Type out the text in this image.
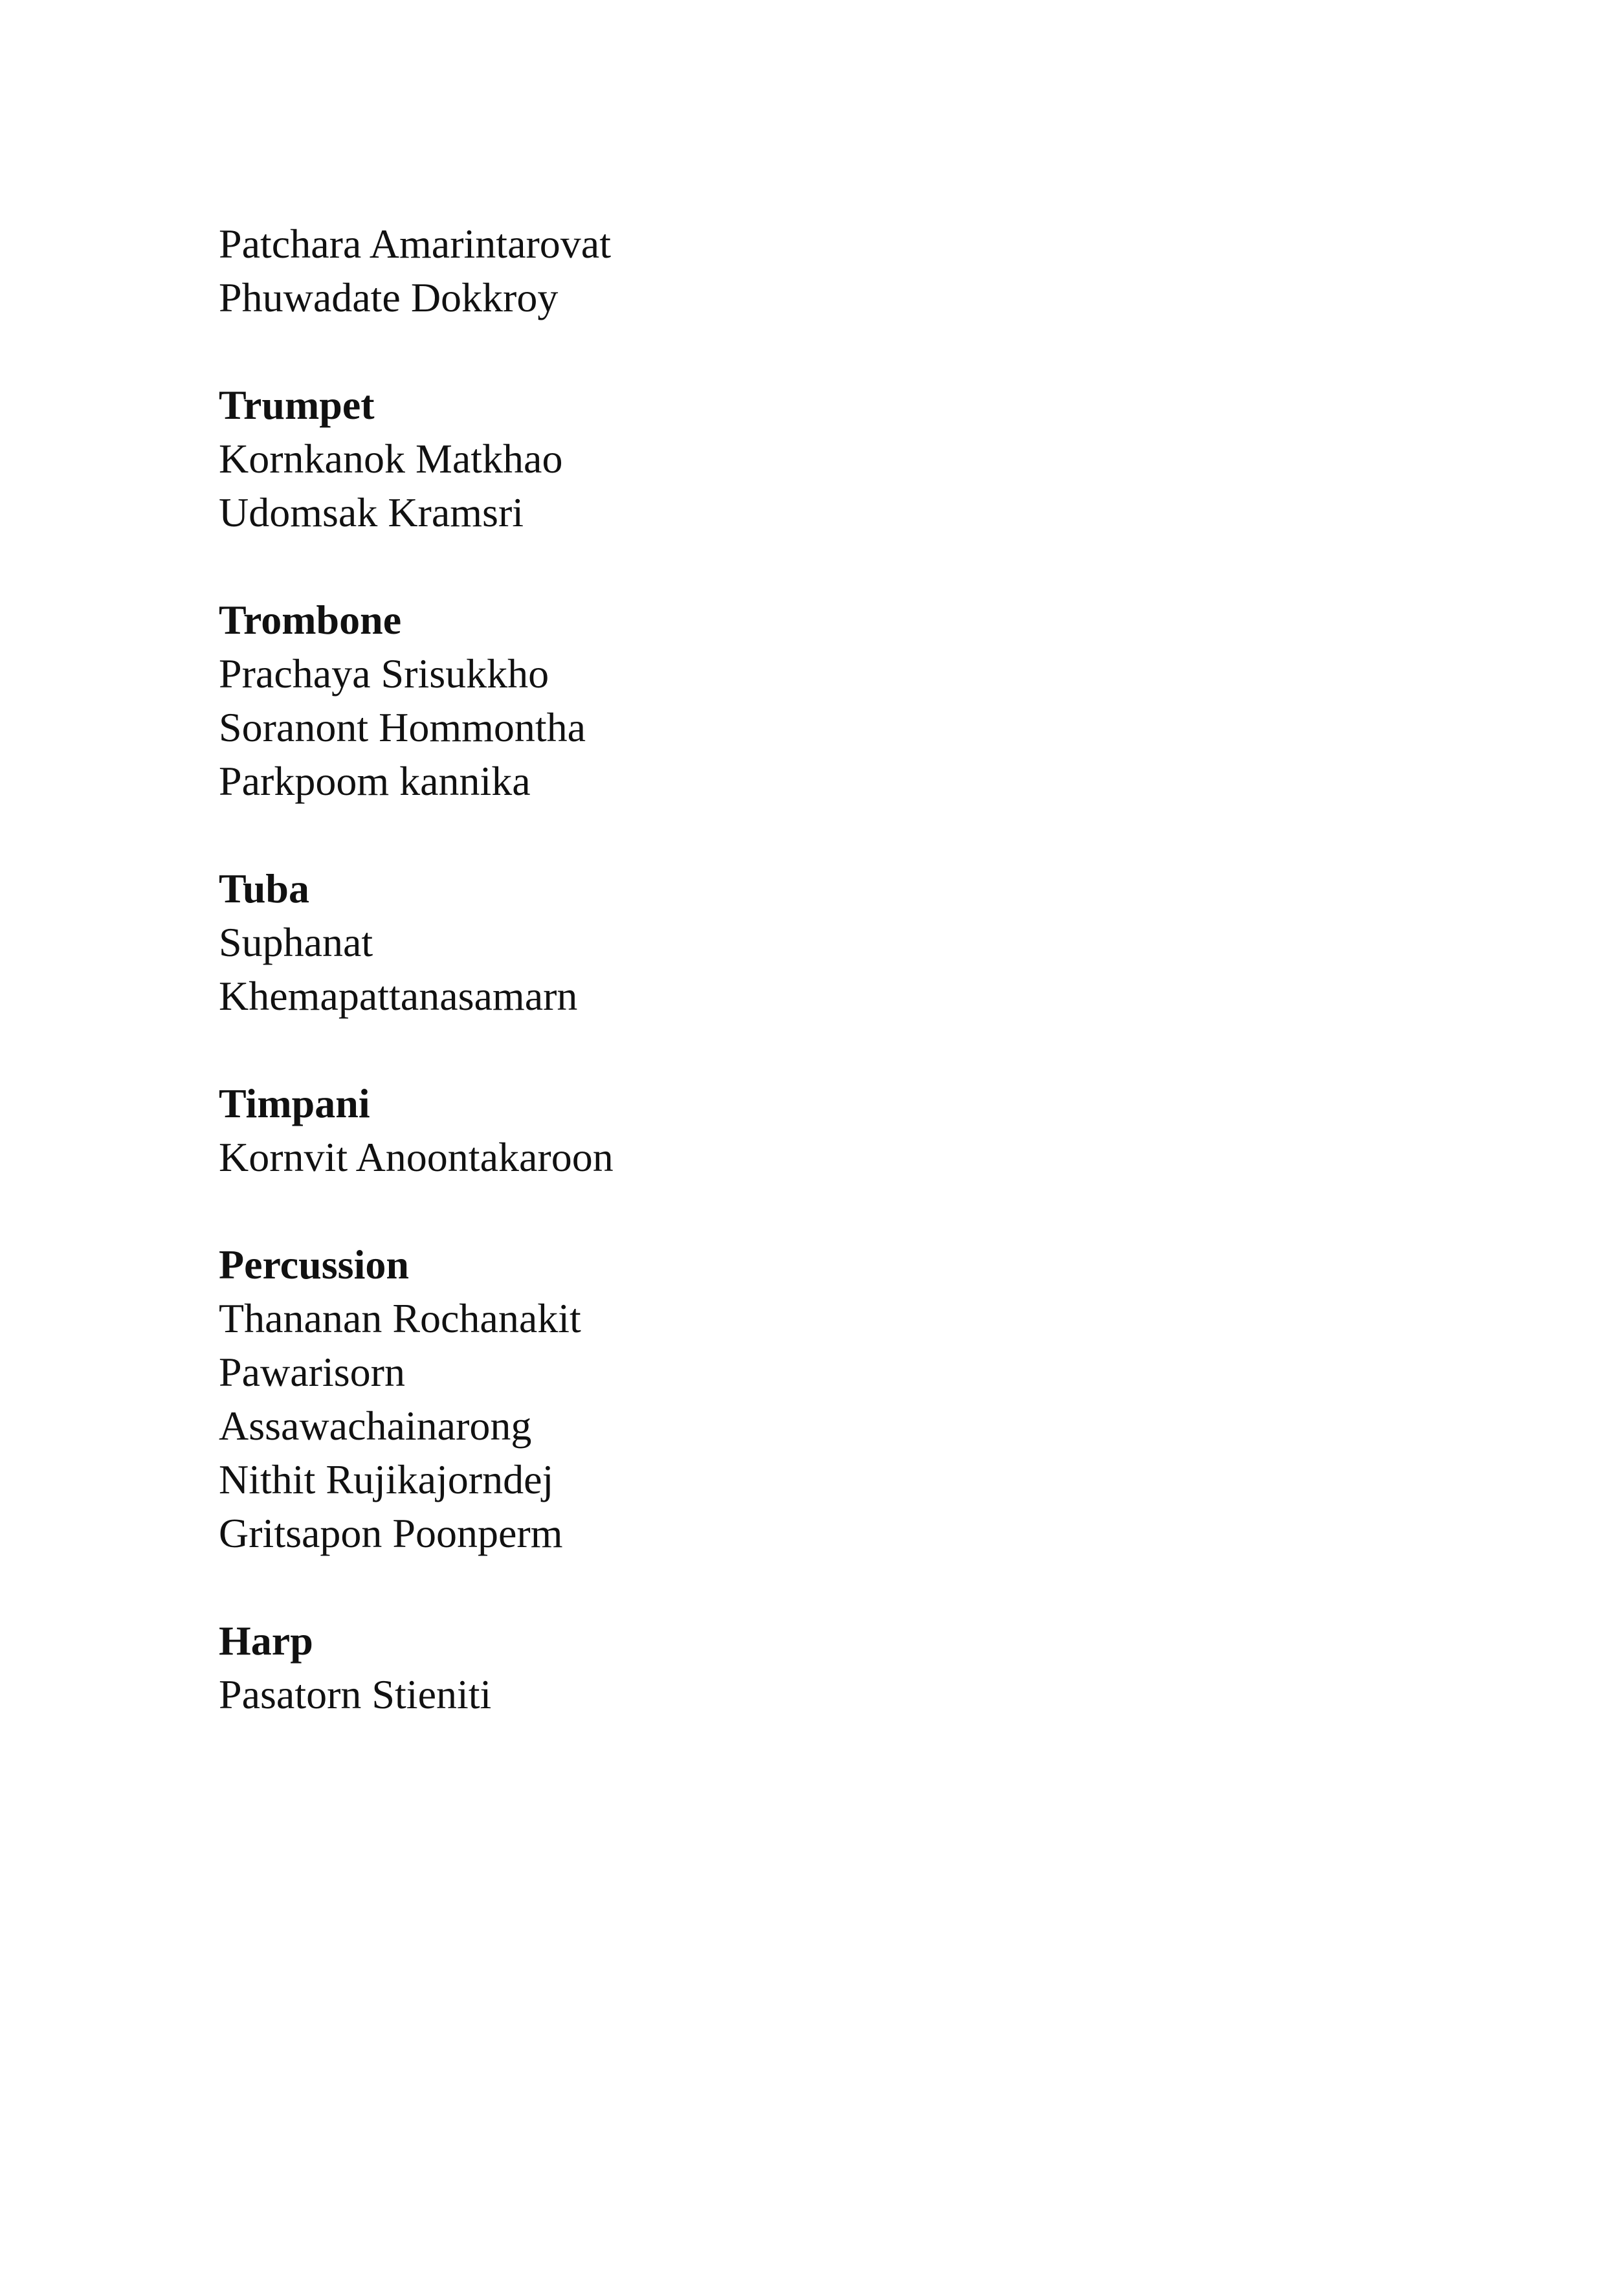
Patchara Amarintarovat

Phuwadate Dokkroy

Trumpet

Kornkanok Matkhao

Udomsak Kramsri

Trombone

Prachaya Srisukkho

Soranont Hommontha

Parkpoom kannika

Tuba

Suphanat

Khemapattanasamarn

Timpani

Kornvit Anoontakaroon

Percussion

Thananan Rochanakit

Pawarisorn

Assawachainarong

Nithit Rujikajorndej

Gritsapon Poonperm

Harp

Pasatorn Stieniti
